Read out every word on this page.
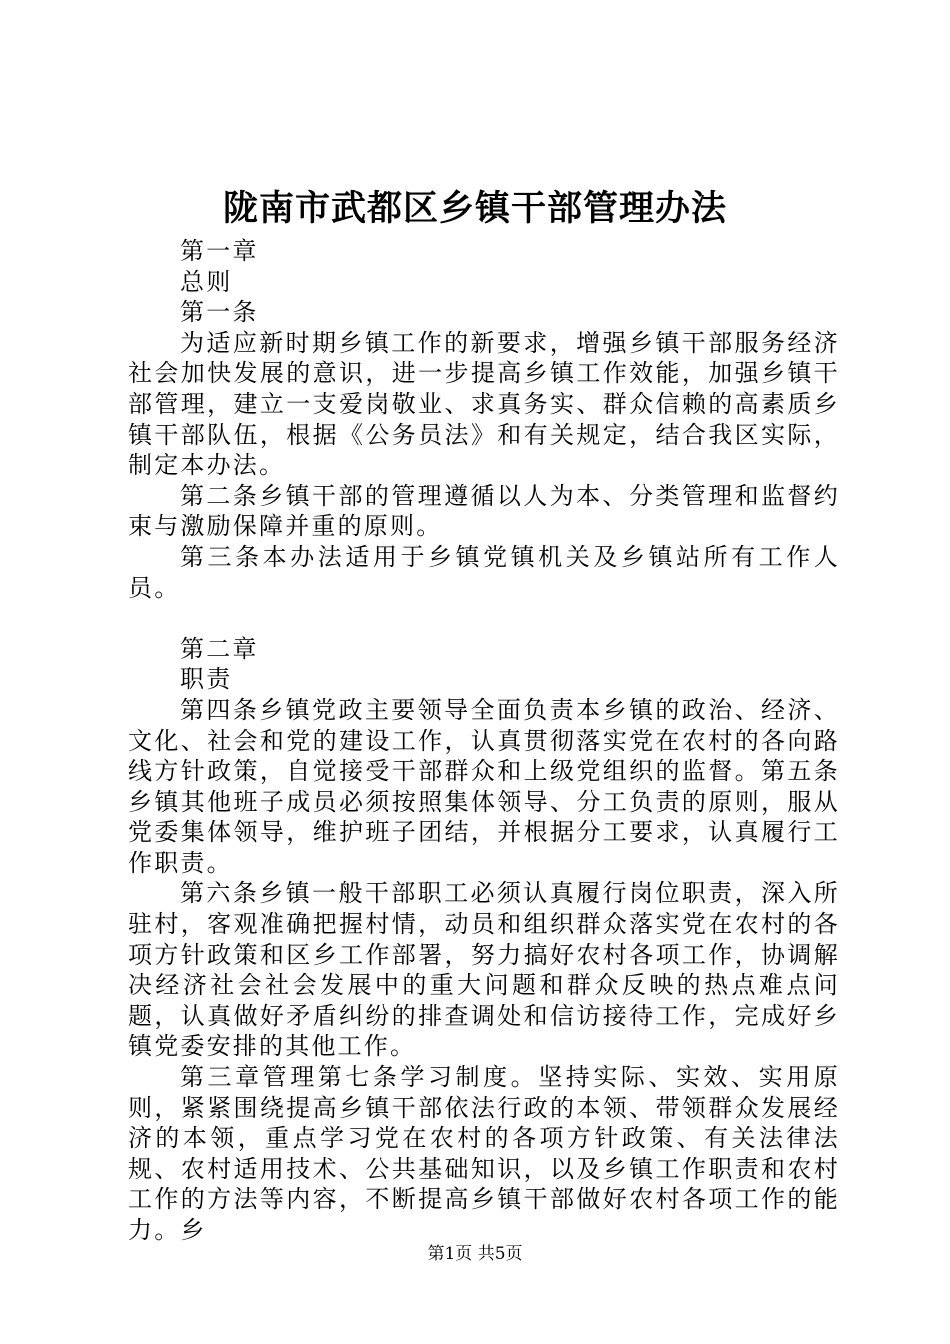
陇南市武都区乡镇干部管理办法

第一章

总则

第一条

为适应新时期乡镇工作的新要求，增强乡镇干部服务经济社会加快发展的意识，进一步提高乡镇工作效能，加强乡镇干部管理，建立一支爱岗敬业、求真务实、群众信赖的高素质乡镇干部队伍，根据《公务员法》和有关规定，结合我区实际，制定本办法。

第二条乡镇干部的管理遵循以人为本、分类管理和监督约束与激励保障并重的原则。

第三条本办法适用于乡镇党镇机关及乡镇站所有工作人员。

第二章

职责

第四条乡镇党政主要领导全面负责本乡镇的政治、经济、文化、社会和党的建设工作，认真贯彻落实党在农村的各向路线方针政策，自觉接受干部群众和上级党组织的监督。第五条乡镇其他班子成员必须按照集体领导、分工负责的原则，服从党委集体领导，维护班子团结，并根据分工要求，认真履行工作职责。

第六条乡镇一般干部职工必须认真履行岗位职责，深入所驻村，客观准确把握村情，动员和组织群众落实党在农村的各项方针政策和区乡工作部署，努力搞好农村各项工作，协调解决经济社会社会发展中的重大问题和群众反映的热点难点问题，认真做好矛盾纠纷的排查调处和信访接待工作，完成好乡镇党委安排的其他工作。

第三章管理第七条学习制度。坚持实际、实效、实用原则，紧紧围绕提高乡镇干部依法行政的本领、带领群众发展经济的本领，重点学习党在农村的各项方针政策、有关法律法规、农村适用技术、公共基础知识，以及乡镇工作职责和农村工作的方法等内容，不断提高乡镇干部做好农村各项工作的能力。乡

第1页 共5页
